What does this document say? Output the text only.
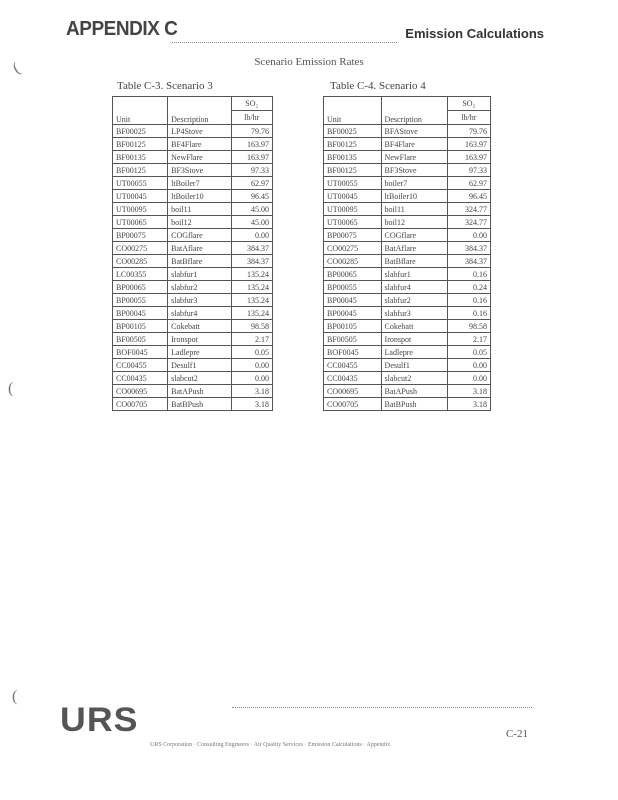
APPENDIX C	Emission Calculations
Scenario Emission Rates
(
(
(
Table C-3. Scenario 3
Unit	Description	SO₂
		lb/hr
BF00025	LP4Stove	79.76
BF00125	BF4Flare	163.97
BF00135	NewFlare	163.97
BF00125	BF3Stove	97.33
UT00055	ltBoiler7	62.97
UT00045	ltBoiler10	96.45
UT00095	boil11	45.00
UT00065	boil12	45.00
BP00075	COGflare	0.00
CO00275	BatAflare	384.37
CO00285	BatBflare	384.37
LC00355	slabfur1	135.24
BP00065	slabfur2	135.24
BP00055	slabfur3	135.24
BP00045	slabfur4	135.24
BP00105	Cokebatt	98.58
BF00505	Ironspot	2.17
BOF0045	Ladlepre	0.05
CC00455	Desulf1	0.00
CC00435	slabcut2	0.00
CO00695	BatAPush	3.18
CO00705	BatBPush	3.18
Table C-4. Scenario 4
Unit	Description	SO₂
		lb/hr
BF00025	BFAStove	79.76
BF00125	BF4Flare	163.97
BF00135	NewFlare	163.97
BF00125	BF3Stove	97.33
UT00055	boiler7	62.97
UT00045	ltBoiler10	96.45
UT00095	boil11	324.77
UT00065	boil12	324.77
BP00075	COGflare	0.00
CO00275	BatAflare	384.37
CO00285	BatBflare	384.37
BP00065	slabfur1	0.16
BP00055	slabfur4	0.24
BP00045	slabfur2	0.16
BP00045	slabfur3	0.16
BP00105	Cokebatt	98.58
BF00505	Ironspot	2.17
BOF0045	Ladlepre	0.05
CC00455	Desulf1	0.00
CC00435	slabcut2	0.00
CO00695	BatAPush	3.18
CO00705	BatBPush	3.18
URS	C-21
URS Corporation · Consulting Engineers · Air Quality Services · Emission Calculations · Appendix
